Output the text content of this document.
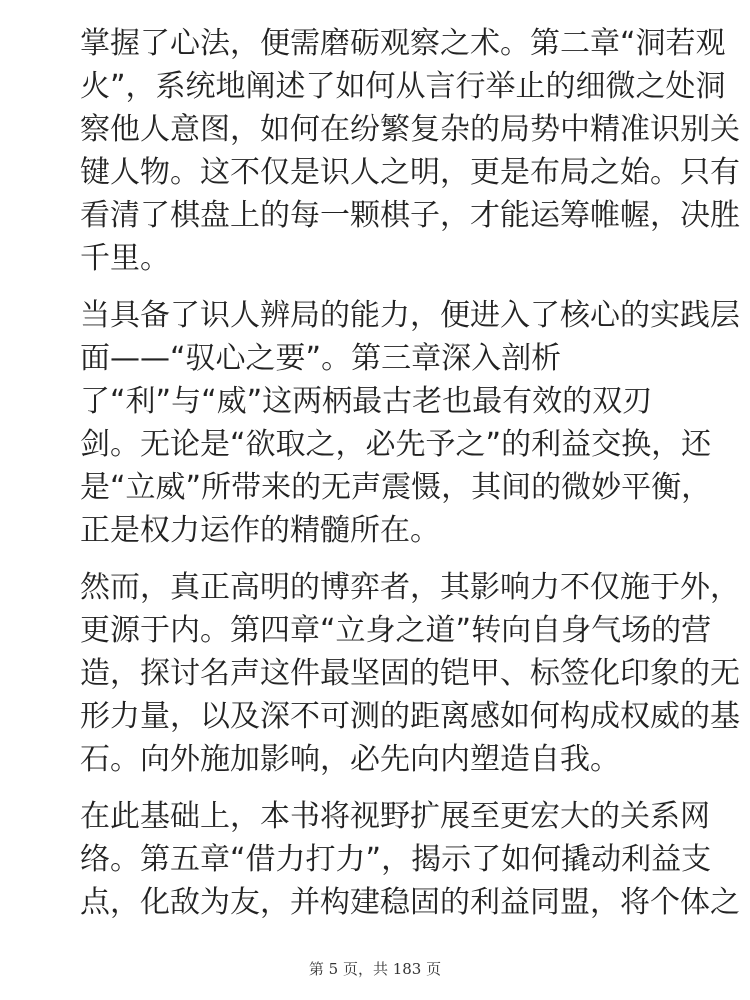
掌握了心法，便需磨砺观察之术。第二章“洞若观
火”，系统地阐述了如何从言行举止的细微之处洞
察他人意图，如何在纷繁复杂的局势中精准识别关
键人物。这不仅是识人之明，更是布局之始。只有
看清了棋盘上的每一颗棋子，才能运筹帷幄，决胜
千里。

当具备了识人辨局的能力，便进入了核心的实践层
面——“驭心之要”。第三章深入剖析
了“利”与“威”这两柄最古老也最有效的双刃
剑。无论是“欲取之，必先予之”的利益交换，还
是“立威”所带来的无声震慑，其间的微妙平衡，
正是权力运作的精髓所在。

然而，真正高明的博弈者，其影响力不仅施于外，
更源于内。第四章“立身之道”转向自身气场的营
造，探讨名声这件最坚固的铠甲、标签化印象的无
形力量，以及深不可测的距离感如何构成权威的基
石。向外施加影响，必先向内塑造自我。

在此基础上，本书将视野扩展至更宏大的关系网
络。第五章“借力打力”，揭示了如何撬动利益支
点，化敌为友，并构建稳固的利益同盟，将个体之

第 5 页，共 183 页
